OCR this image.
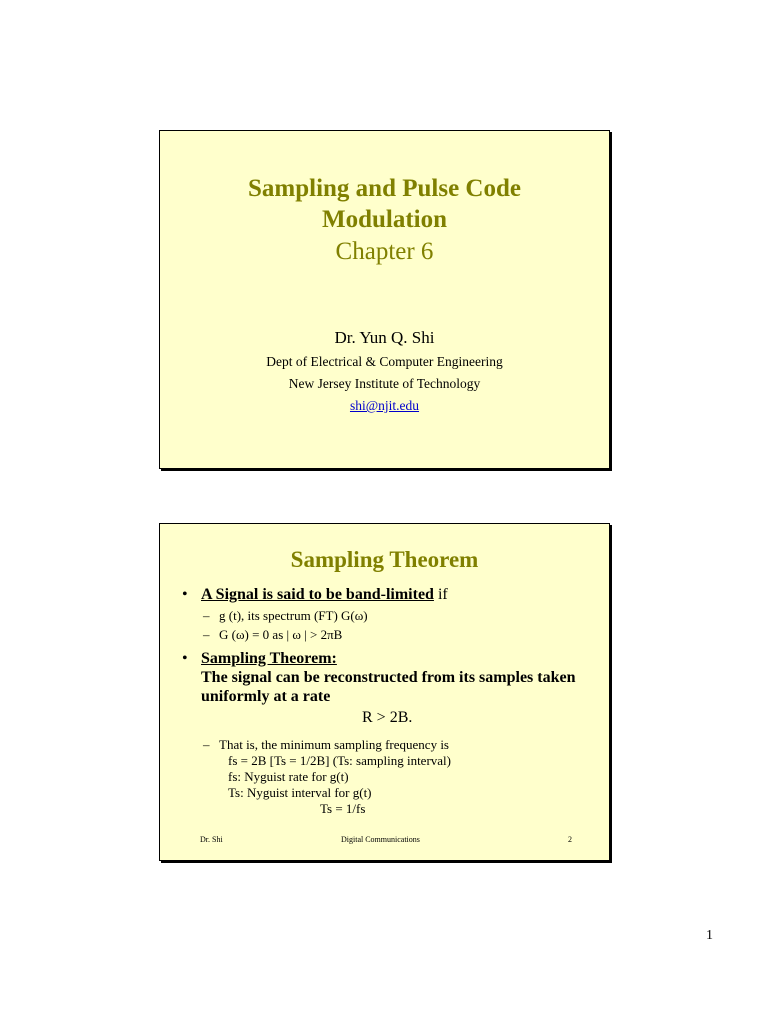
Sampling and Pulse Code
Modulation
Chapter 6
Dr. Yun Q. Shi
Dept of Electrical & Computer Engineering
New Jersey Institute of Technology
shi@njit.edu
Sampling Theorem
• A Signal is said to be band-limited if
– g (t), its spectrum (FT) G(ω)
– G (ω) = 0 as | ω | > 2πB
• Sampling Theorem:
The signal can be reconstructed from its samples taken
uniformly at a rate
R > 2B.
– That is, the minimum sampling frequency is
fs = 2B [Ts = 1/2B] (Ts: sampling interval)
fs: Nyguist rate for g(t)
Ts: Nyguist interval for g(t)
Ts = 1/fs
Dr. Shi	Digital Communications	2
1
